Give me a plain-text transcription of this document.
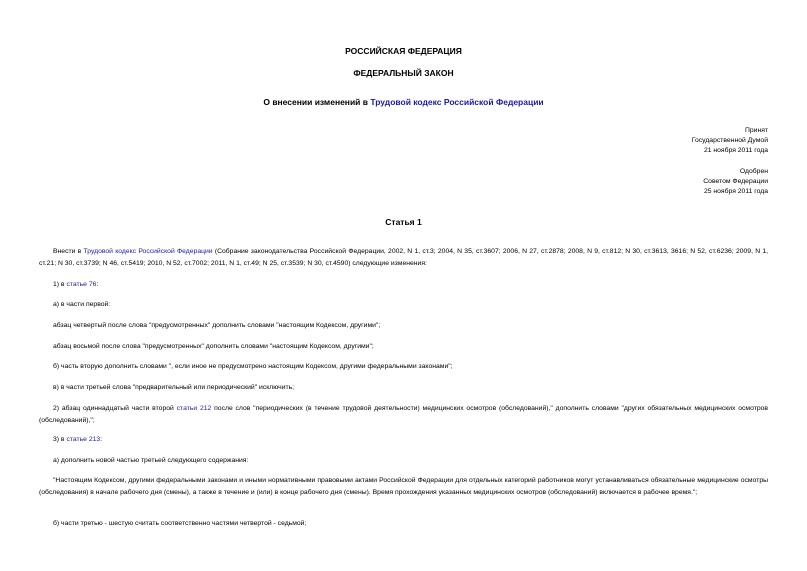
РОССИЙСКАЯ ФЕДЕРАЦИЯ
ФЕДЕРАЛЬНЫЙ ЗАКОН
О внесении изменений в Трудовой кодекс Российской Федерации
Принят
Государственной Думой
21 ноября 2011 года
Одобрен
Советом Федерации
25 ноября 2011 года
Статья 1
Внести в Трудовой кодекс Российской Федерации (Собрание законодательства Российской Федерации, 2002, N 1, ст.3; 2004, N 35, ст.3607; 2006, N 27, ст.2878; 2008, N 9, ст.812; N 30, ст.3613, 3616; N 52, ст.6236; 2009, N 1, ст.21; N 30, ст.3739; N 46, ст.5419; 2010, N 52, ст.7002; 2011, N 1, ст.49; N 25, ст.3539; N 30, ст.4590) следующие изменения:
1) в статье 76:
а) в части первой:
абзац четвертый после слова "предусмотренных" дополнить словами "настоящим Кодексом, другими";
абзац восьмой после слова "предусмотренных" дополнить словами "настоящим Кодексом, другими";
б) часть вторую дополнить словами ", если иное не предусмотрено настоящим Кодексом, другими федеральными законами";
в) в части третьей слова "предварительный или периодический" исключить;
2) абзац одиннадцатый части второй статьи 212 после слов "периодических (в течение трудовой деятельности) медицинских осмотров (обследований)," дополнить словами "других обязательных медицинских осмотров (обследований),";
3) в статье 213:
а) дополнить новой частью третьей следующего содержания:
"Настоящим Кодексом, другими федеральными законами и иными нормативными правовыми актами Российской Федерации для отдельных категорий работников могут устанавливаться обязательные медицинские осмотры (обследования) в начале рабочего дня (смены), а также в течение и (или) в конце рабочего дня (смены). Время прохождения указанных медицинских осмотров (обследований) включается в рабочее время.";
б) части третью - шестую считать соответственно частями четвертой - седьмой;
